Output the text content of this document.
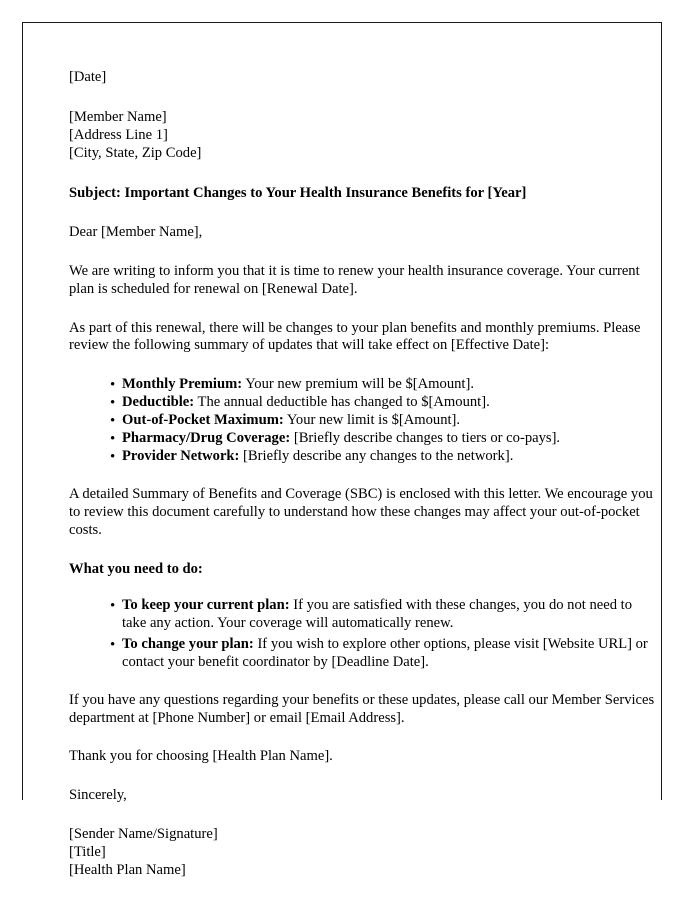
[Date]
[Member Name]
[Address Line 1]
[City, State, Zip Code]
Subject: Important Changes to Your Health Insurance Benefits for [Year]
Dear [Member Name],
We are writing to inform you that it is time to renew your health insurance coverage. Your current plan is scheduled for renewal on [Renewal Date].
As part of this renewal, there will be changes to your plan benefits and monthly premiums. Please review the following summary of updates that will take effect on [Effective Date]:
• Monthly Premium: Your new premium will be $[Amount].
• Deductible: The annual deductible has changed to $[Amount].
• Out-of-Pocket Maximum: Your new limit is $[Amount].
• Pharmacy/Drug Coverage: [Briefly describe changes to tiers or co-pays].
• Provider Network: [Briefly describe any changes to the network].
A detailed Summary of Benefits and Coverage (SBC) is enclosed with this letter. We encourage you to review this document carefully to understand how these changes may affect your out-of-pocket costs.
What you need to do:
• To keep your current plan: If you are satisfied with these changes, you do not need to take any action. Your coverage will automatically renew.
• To change your plan: If you wish to explore other options, please visit [Website URL] or contact your benefit coordinator by [Deadline Date].
If you have any questions regarding your benefits or these updates, please call our Member Services department at [Phone Number] or email [Email Address].
Thank you for choosing [Health Plan Name].
Sincerely,
[Sender Name/Signature]
[Title]
[Health Plan Name]
